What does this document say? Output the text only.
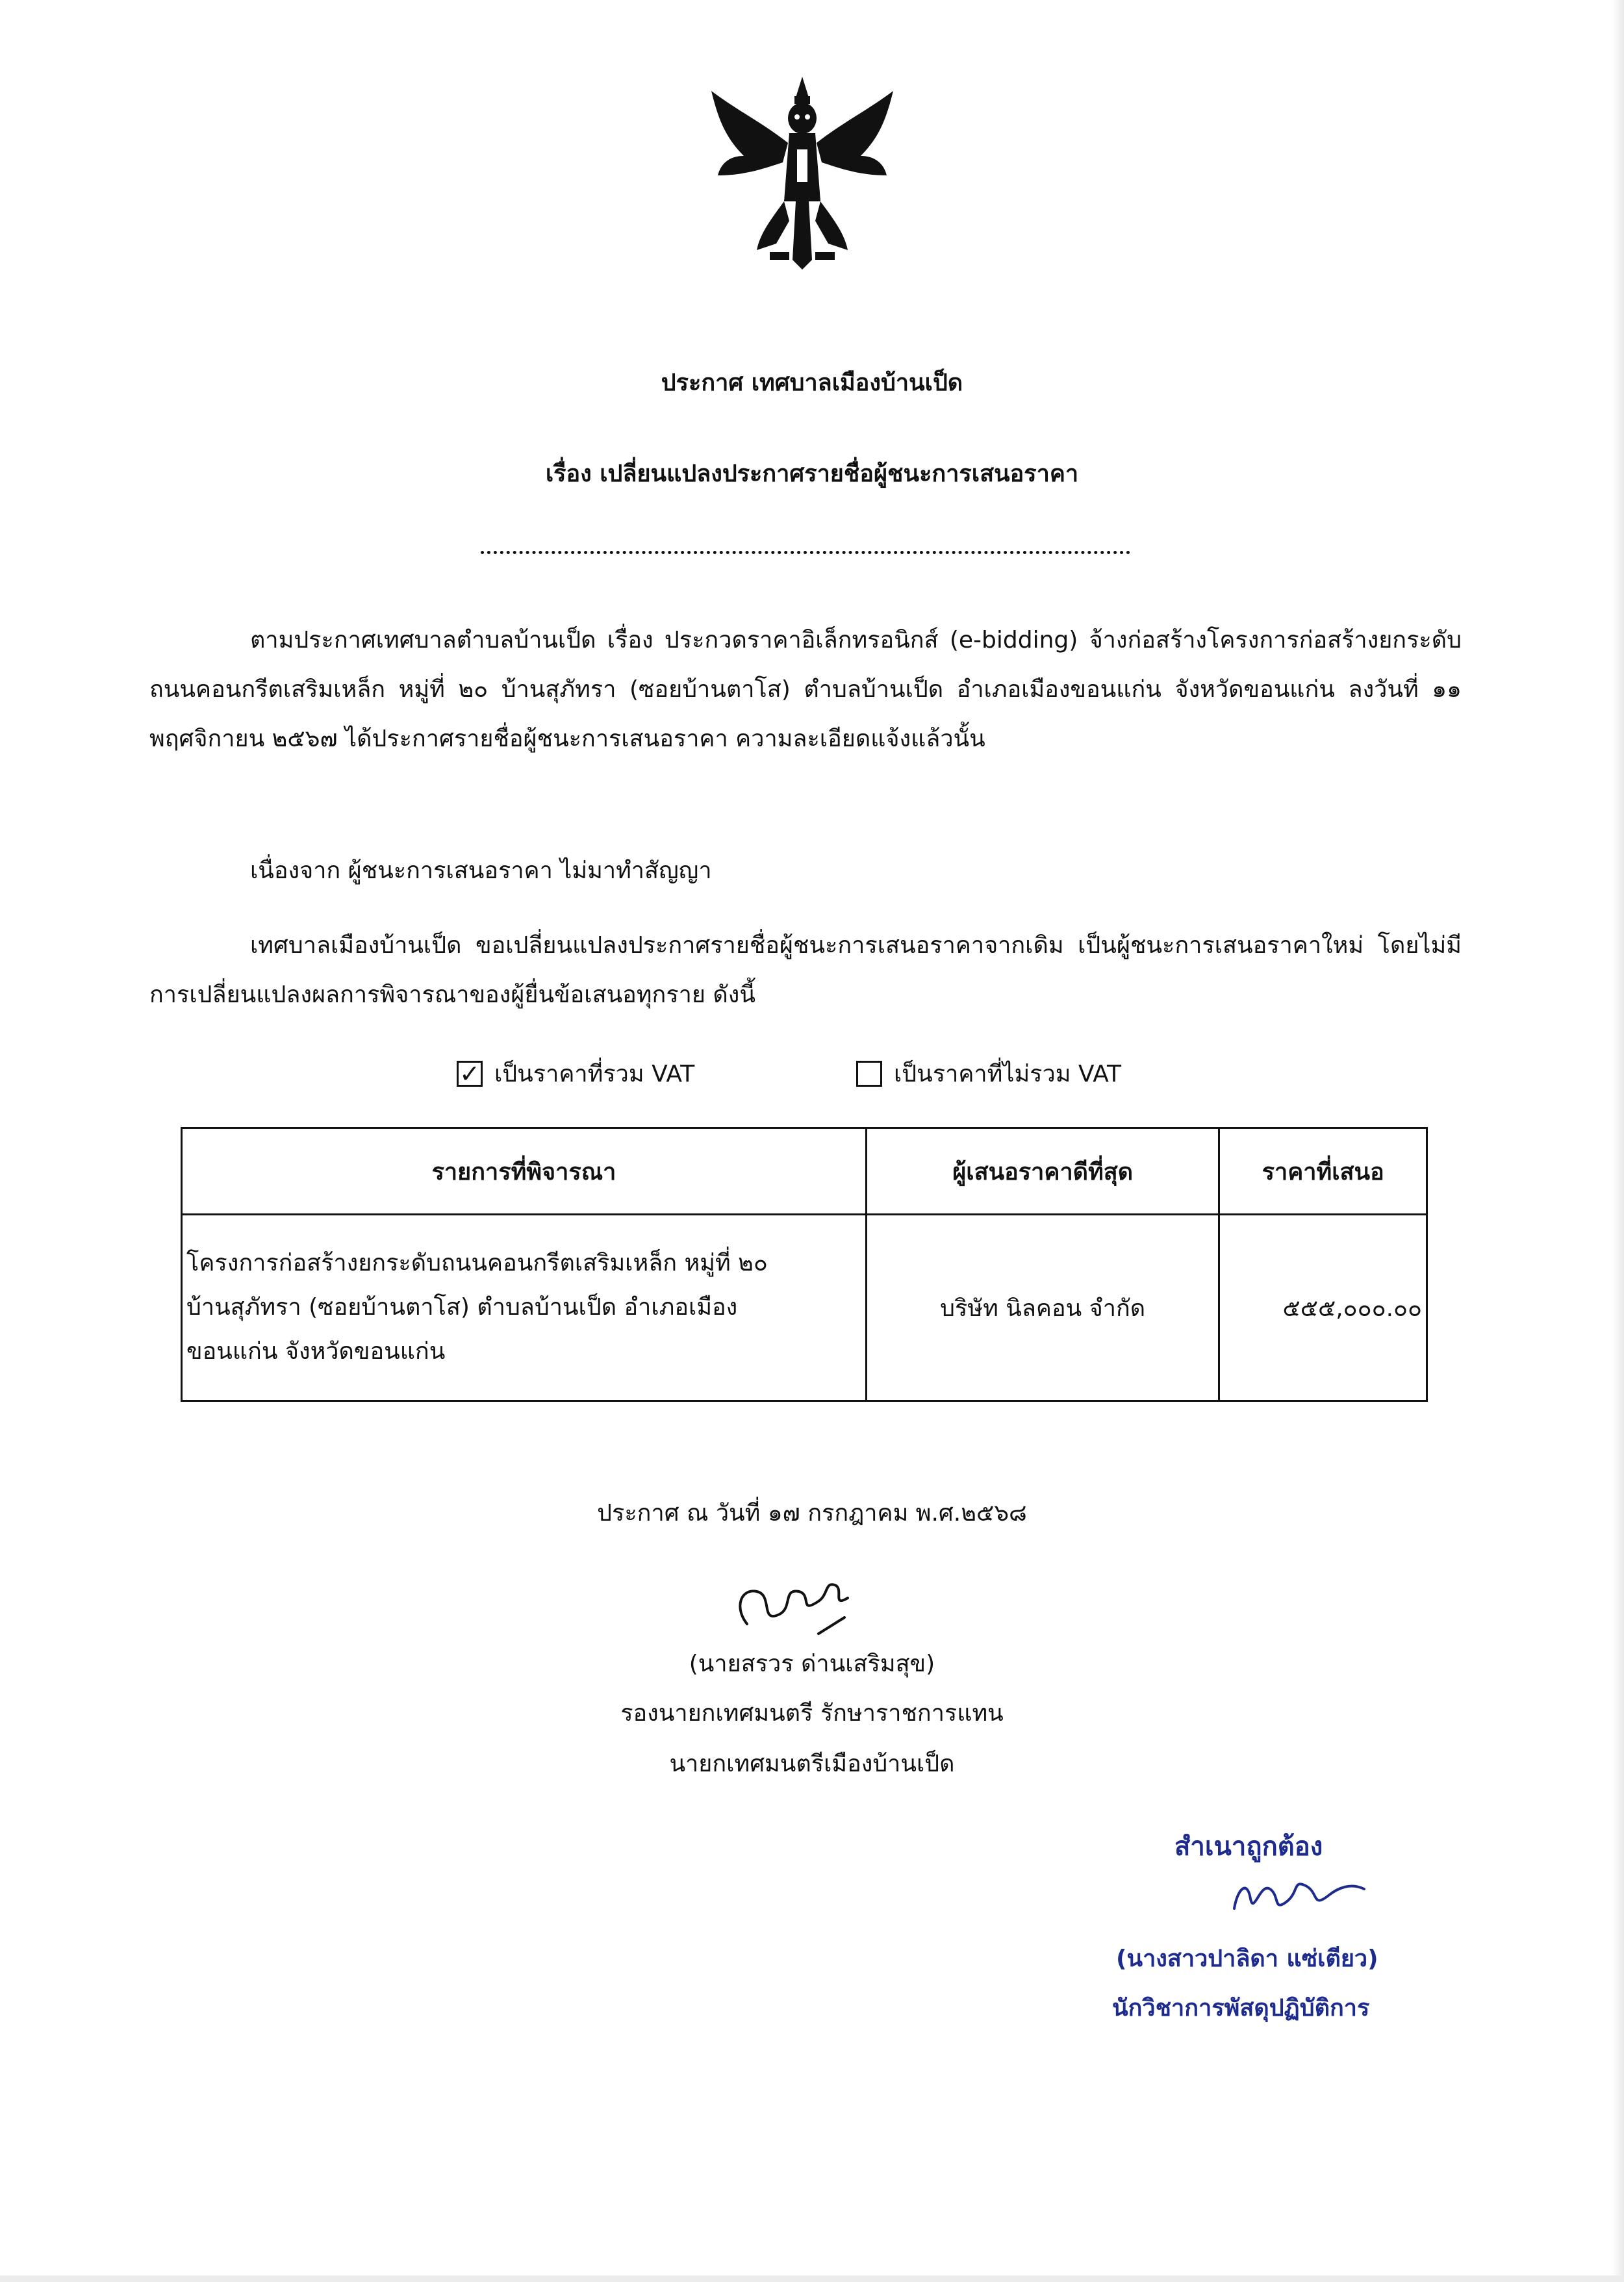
ประกาศ เทศบาลเมืองบ้านเป็ด
เรื่อง เปลี่ยนแปลงประกาศรายชื่อผู้ชนะการเสนอราคา
ตามประกาศเทศบาลตำบลบ้านเป็ด เรื่อง ประกวดราคาอิเล็กทรอนิกส์ (e-bidding) จ้างก่อสร้างโครงการก่อสร้างยกระดับถนนคอนกรีตเสริมเหล็ก หมู่ที่ ๒๐ บ้านสุภัทรา (ซอยบ้านตาโส) ตำบลบ้านเป็ด อำเภอเมืองขอนแก่น จังหวัดขอนแก่น ลงวันที่ ๑๑ พฤศจิกายน ๒๕๖๗ ได้ประกาศรายชื่อผู้ชนะการเสนอราคา ความละเอียดแจ้งแล้วนั้น
เนื่องจาก ผู้ชนะการเสนอราคา ไม่มาทำสัญญา
เทศบาลเมืองบ้านเป็ด ขอเปลี่ยนแปลงประกาศรายชื่อผู้ชนะการเสนอราคาจากเดิม เป็นผู้ชนะการเสนอราคาใหม่ โดยไม่มีการเปลี่ยนแปลงผลการพิจารณาของผู้ยื่นข้อเสนอทุกราย ดังนี้
✓ เป็นราคาที่รวม VAT	เป็นราคาที่ไม่รวม VAT
รายการที่พิจารณา	ผู้เสนอราคาดีที่สุด	ราคาที่เสนอ

โครงการก่อสร้างยกระดับถนนคอนกรีตเสริมเหล็ก หมู่ที่ ๒๐
บ้านสุภัทรา (ซอยบ้านตาโส) ตำบลบ้านเป็ด อำเภอเมือง
ขอนแก่น จังหวัดขอนแก่น	บริษัท นิลคอน จำกัด	๕๕๕,๐๐๐.๐๐
ประกาศ ณ วันที่ ๑๗ กรกฎาคม พ.ศ.๒๕๖๘
(นายสรวร ด่านเสริมสุข)
รองนายกเทศมนตรี รักษาราชการแทน
นายกเทศมนตรีเมืองบ้านเป็ด
สำเนาถูกต้อง
(นางสาวปาลิดา แซ่เตียว)
นักวิชาการพัสดุปฏิบัติการ
